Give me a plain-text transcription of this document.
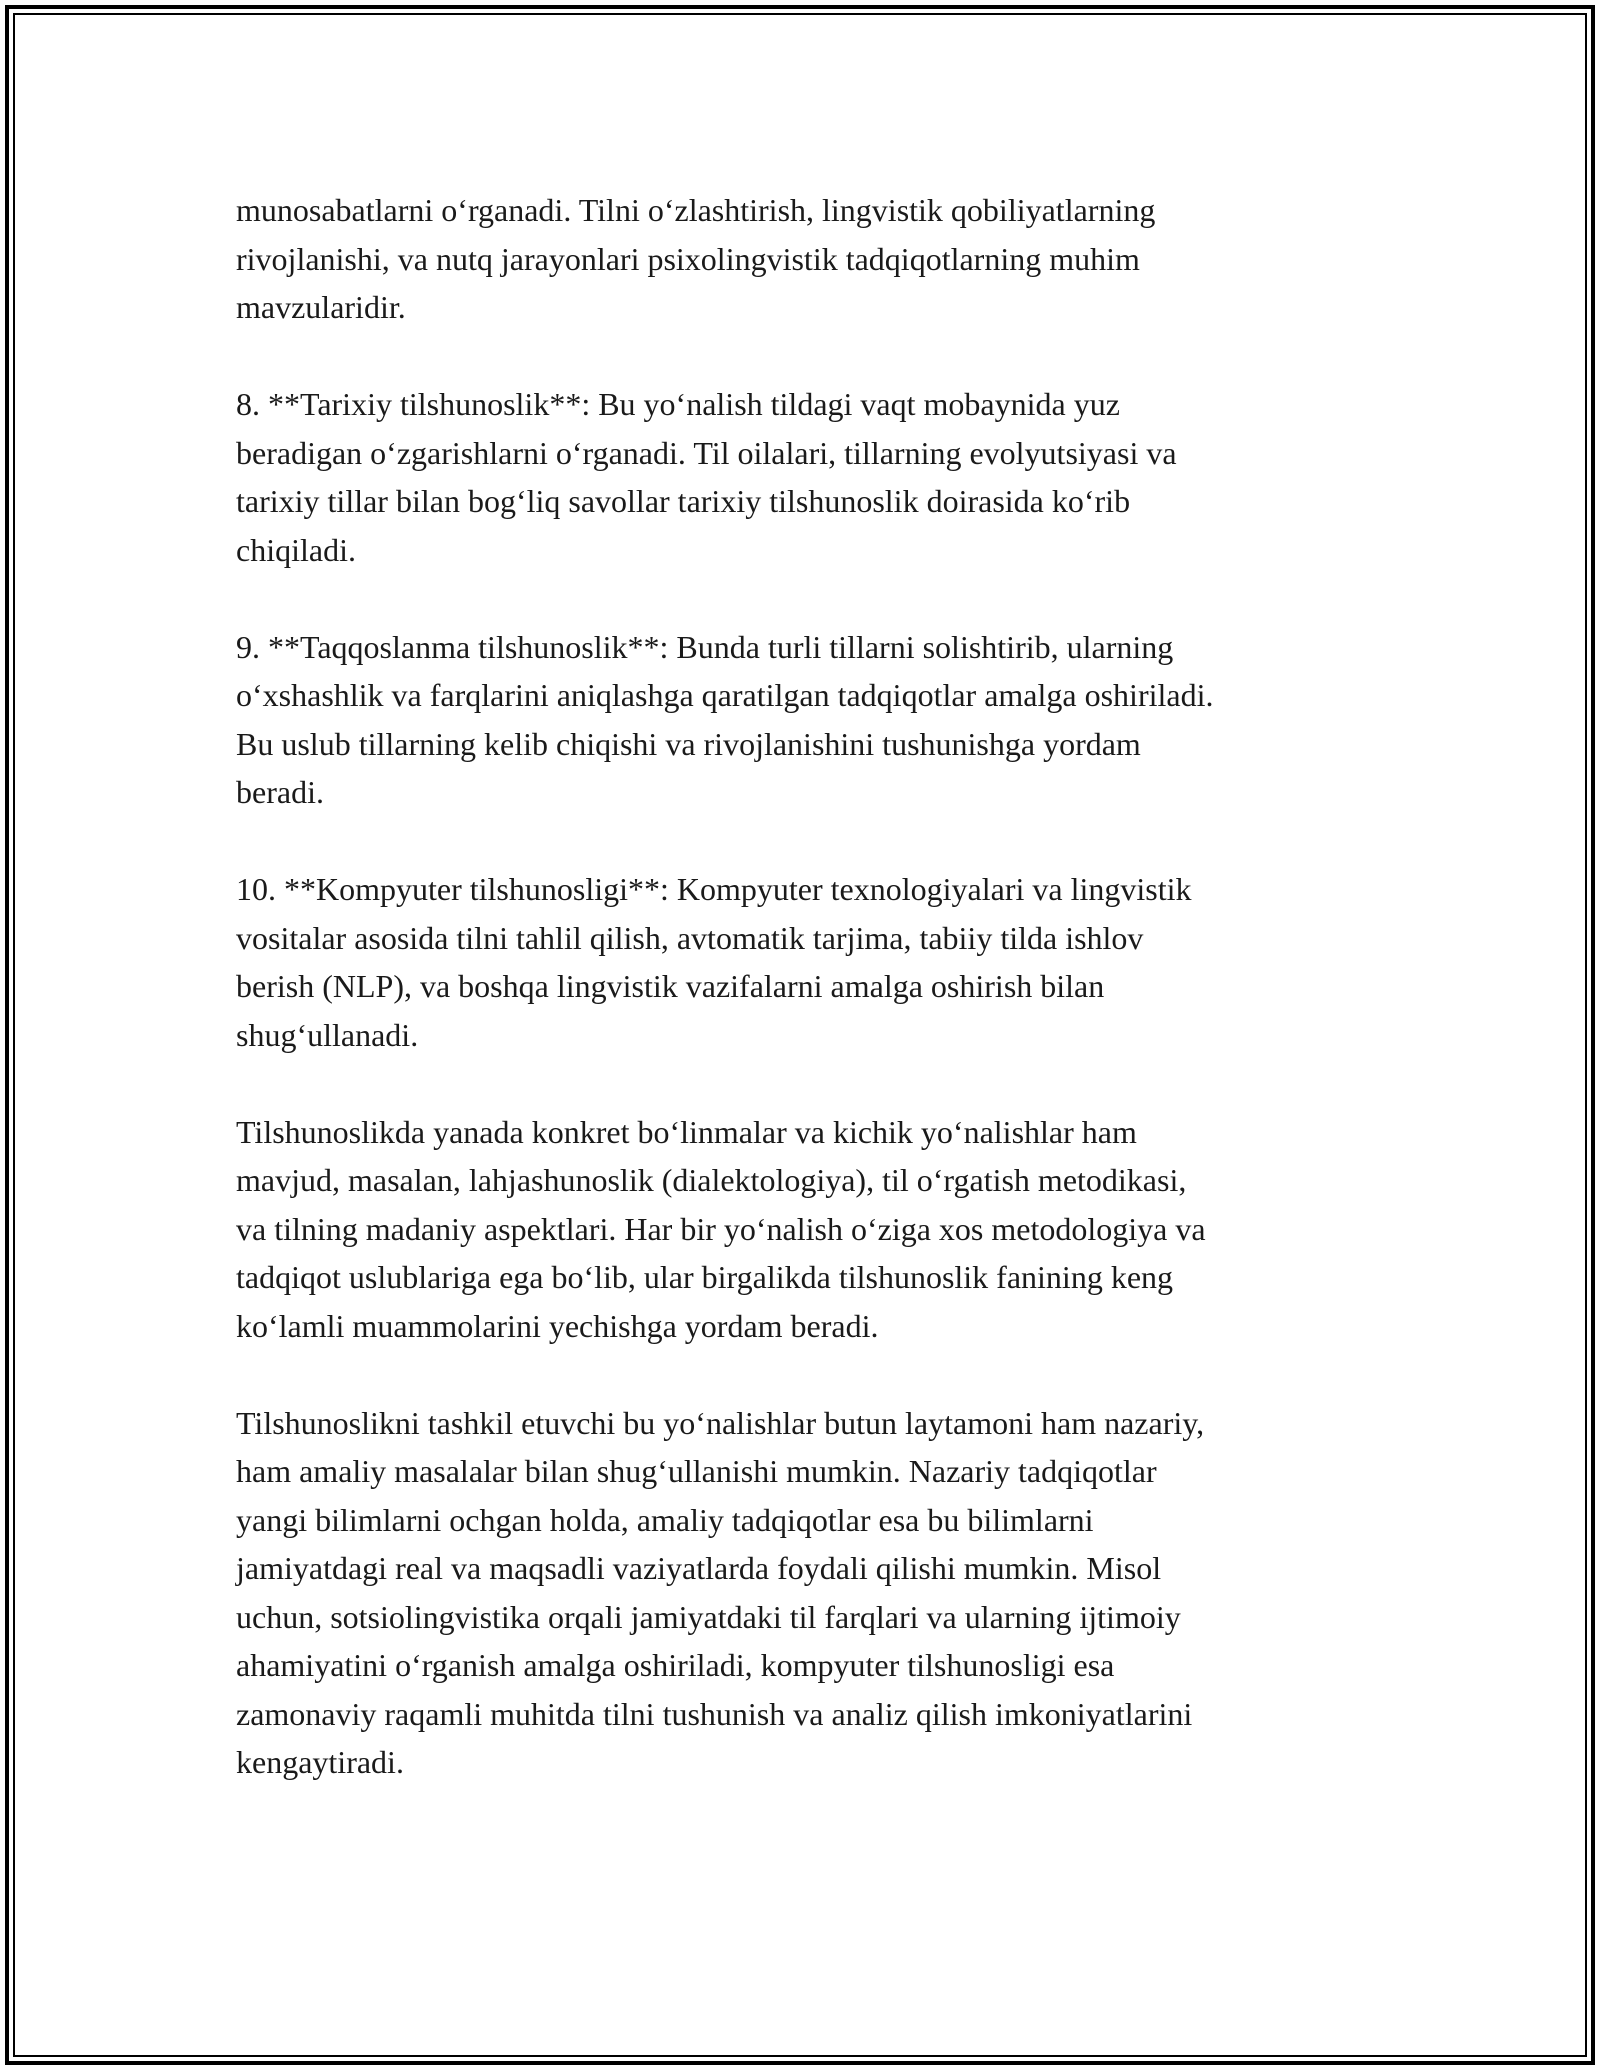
munosabatlarni o‘rganadi. Tilni o‘zlashtirish, lingvistik qobiliyatlarning
rivojlanishi, va nutq jarayonlari psixolingvistik tadqiqotlarning muhim
mavzularidir.

8. **Tarixiy tilshunoslik**: Bu yo‘nalish tildagi vaqt mobaynida yuz
beradigan o‘zgarishlarni o‘rganadi. Til oilalari, tillarning evolyutsiyasi va
tarixiy tillar bilan bog‘liq savollar tarixiy tilshunoslik doirasida ko‘rib
chiqiladi.

9. **Taqqoslanma tilshunoslik**: Bunda turli tillarni solishtirib, ularning
o‘xshashlik va farqlarini aniqlashga qaratilgan tadqiqotlar amalga oshiriladi.
Bu uslub tillarning kelib chiqishi va rivojlanishini tushunishga yordam
beradi.

10. **Kompyuter tilshunosligi**: Kompyuter texnologiyalari va lingvistik
vositalar asosida tilni tahlil qilish, avtomatik tarjima, tabiiy tilda ishlov
berish (NLP), va boshqa lingvistik vazifalarni amalga oshirish bilan
shug‘ullanadi.

Tilshunoslikda yanada konkret bo‘linmalar va kichik yo‘nalishlar ham
mavjud, masalan, lahjashunoslik (dialektologiya), til o‘rgatish metodikasi,
va tilning madaniy aspektlari. Har bir yo‘nalish o‘ziga xos metodologiya va
tadqiqot uslublariga ega bo‘lib, ular birgalikda tilshunoslik fanining keng
ko‘lamli muammolarini yechishga yordam beradi.

Tilshunoslikni tashkil etuvchi bu yo‘nalishlar butun laytamoni ham nazariy,
ham amaliy masalalar bilan shug‘ullanishi mumkin. Nazariy tadqiqotlar
yangi bilimlarni ochgan holda, amaliy tadqiqotlar esa bu bilimlarni
jamiyatdagi real va maqsadli vaziyatlarda foydali qilishi mumkin. Misol
uchun, sotsiolingvistika orqali jamiyatdaki til farqlari va ularning ijtimoiy
ahamiyatini o‘rganish amalga oshiriladi, kompyuter tilshunosligi esa
zamonaviy raqamli muhitda tilni tushunish va analiz qilish imkoniyatlarini
kengaytiradi.
